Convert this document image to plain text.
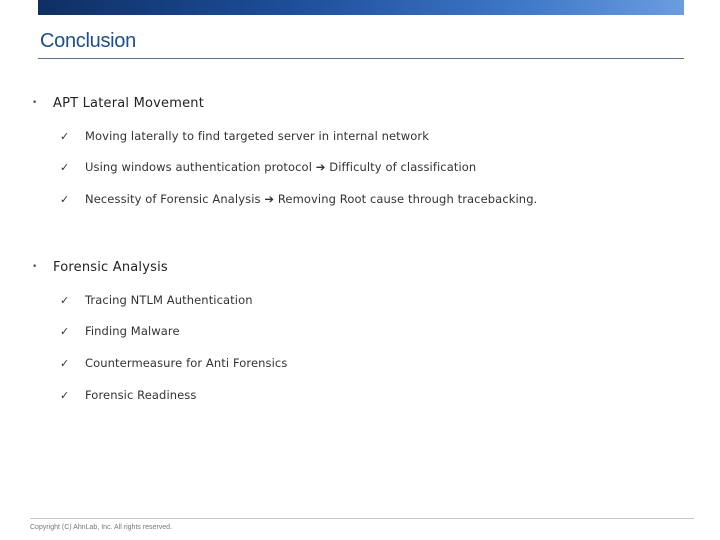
Conclusion
•	APT Lateral Movement
✓	Moving laterally to find targeted server in internal network
✓	Using windows authentication protocol ➔ Difficulty of classification
✓	Necessity of Forensic Analysis ➔ Removing Root cause through tracebacking.
•	Forensic Analysis
✓	Tracing NTLM Authentication
✓	Finding Malware
✓	Countermeasure for Anti Forensics
✓	Forensic Readiness
Copyright (C) AhnLab, Inc. All rights reserved.
